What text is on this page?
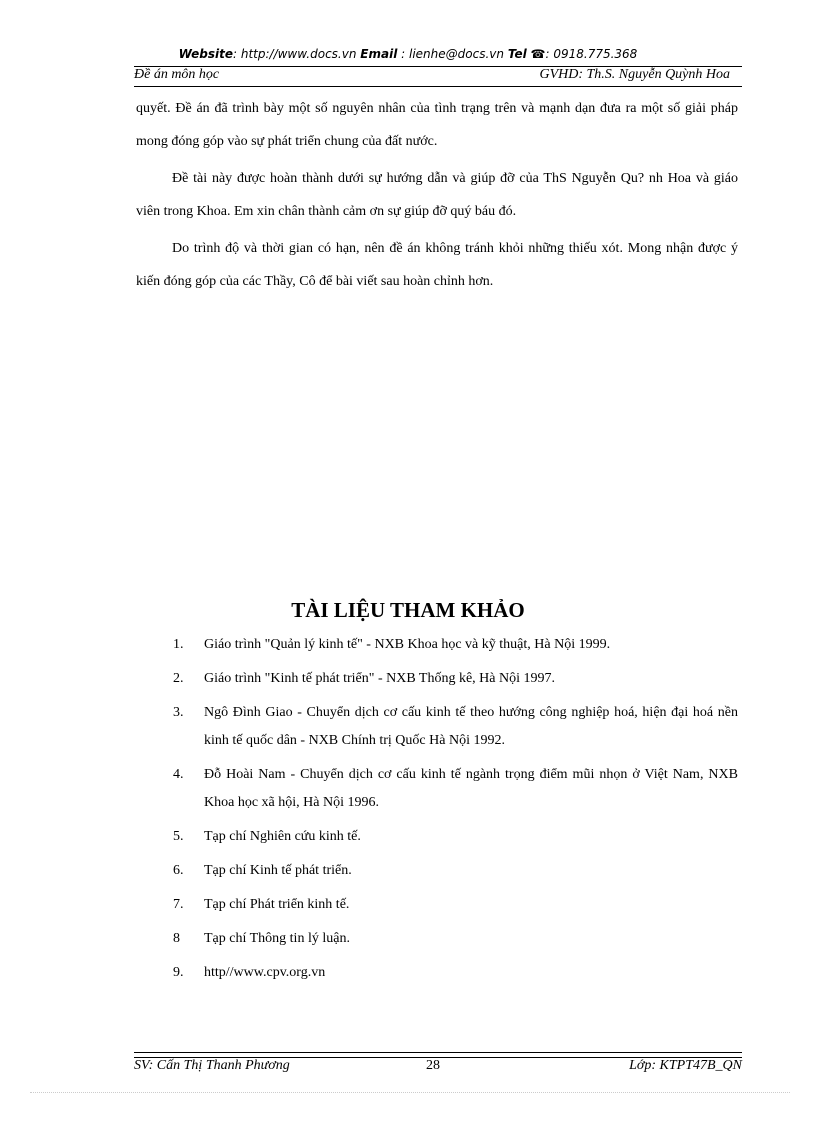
Website: http://www.docs.vn Email : lienhe@docs.vn Tel ☎: 0918.775.368
Đề án môn học	GVHD: Th.S. Nguyễn Quỳnh Hoa

quyết. Đề án đã trình bày một số nguyên nhân của tình trạng trên và mạnh dạn đưa ra một số giải pháp mong đóng góp vào sự phát triển chung của đất nước.

Đề tài này được hoàn thành dưới sự hướng dẫn và giúp đỡ của ThS Nguyễn Qu? nh Hoa và giáo viên trong Khoa. Em xin chân thành cảm ơn sự giúp đỡ quý báu đó.

Do trình độ và thời gian có hạn, nên đề án không tránh khỏi những thiếu xót. Mong nhận được ý kiến đóng góp của các Thầy, Cô để bài viết sau hoàn chỉnh hơn.

TÀI LIỆU THAM KHẢO
1. Giáo trình "Quản lý kinh tế" - NXB Khoa học và kỹ thuật, Hà Nội 1999.
2. Giáo trình "Kinh tế phát triển" - NXB Thống kê, Hà Nội 1997.
3. Ngô Đình Giao - Chuyển dịch cơ cấu kinh tế theo hướng công nghiệp hoá, hiện đại hoá nền kinh tế quốc dân - NXB Chính trị Quốc Hà Nội 1992.
4. Đỗ Hoài Nam - Chuyển dịch cơ cấu kinh tế ngành trọng điểm mũi nhọn ở Việt Nam, NXB Khoa học xã hội, Hà Nội 1996.
5. Tạp chí Nghiên cứu kinh tế.
6. Tạp chí Kinh tế phát triển.
7. Tạp chí Phát triển kinh tế.
8 Tạp chí Thông tin lý luận.
9. http//www.cpv.org.vn
SV: Cấn Thị Thanh Phương	28	Lớp: KTPT47B_QN
